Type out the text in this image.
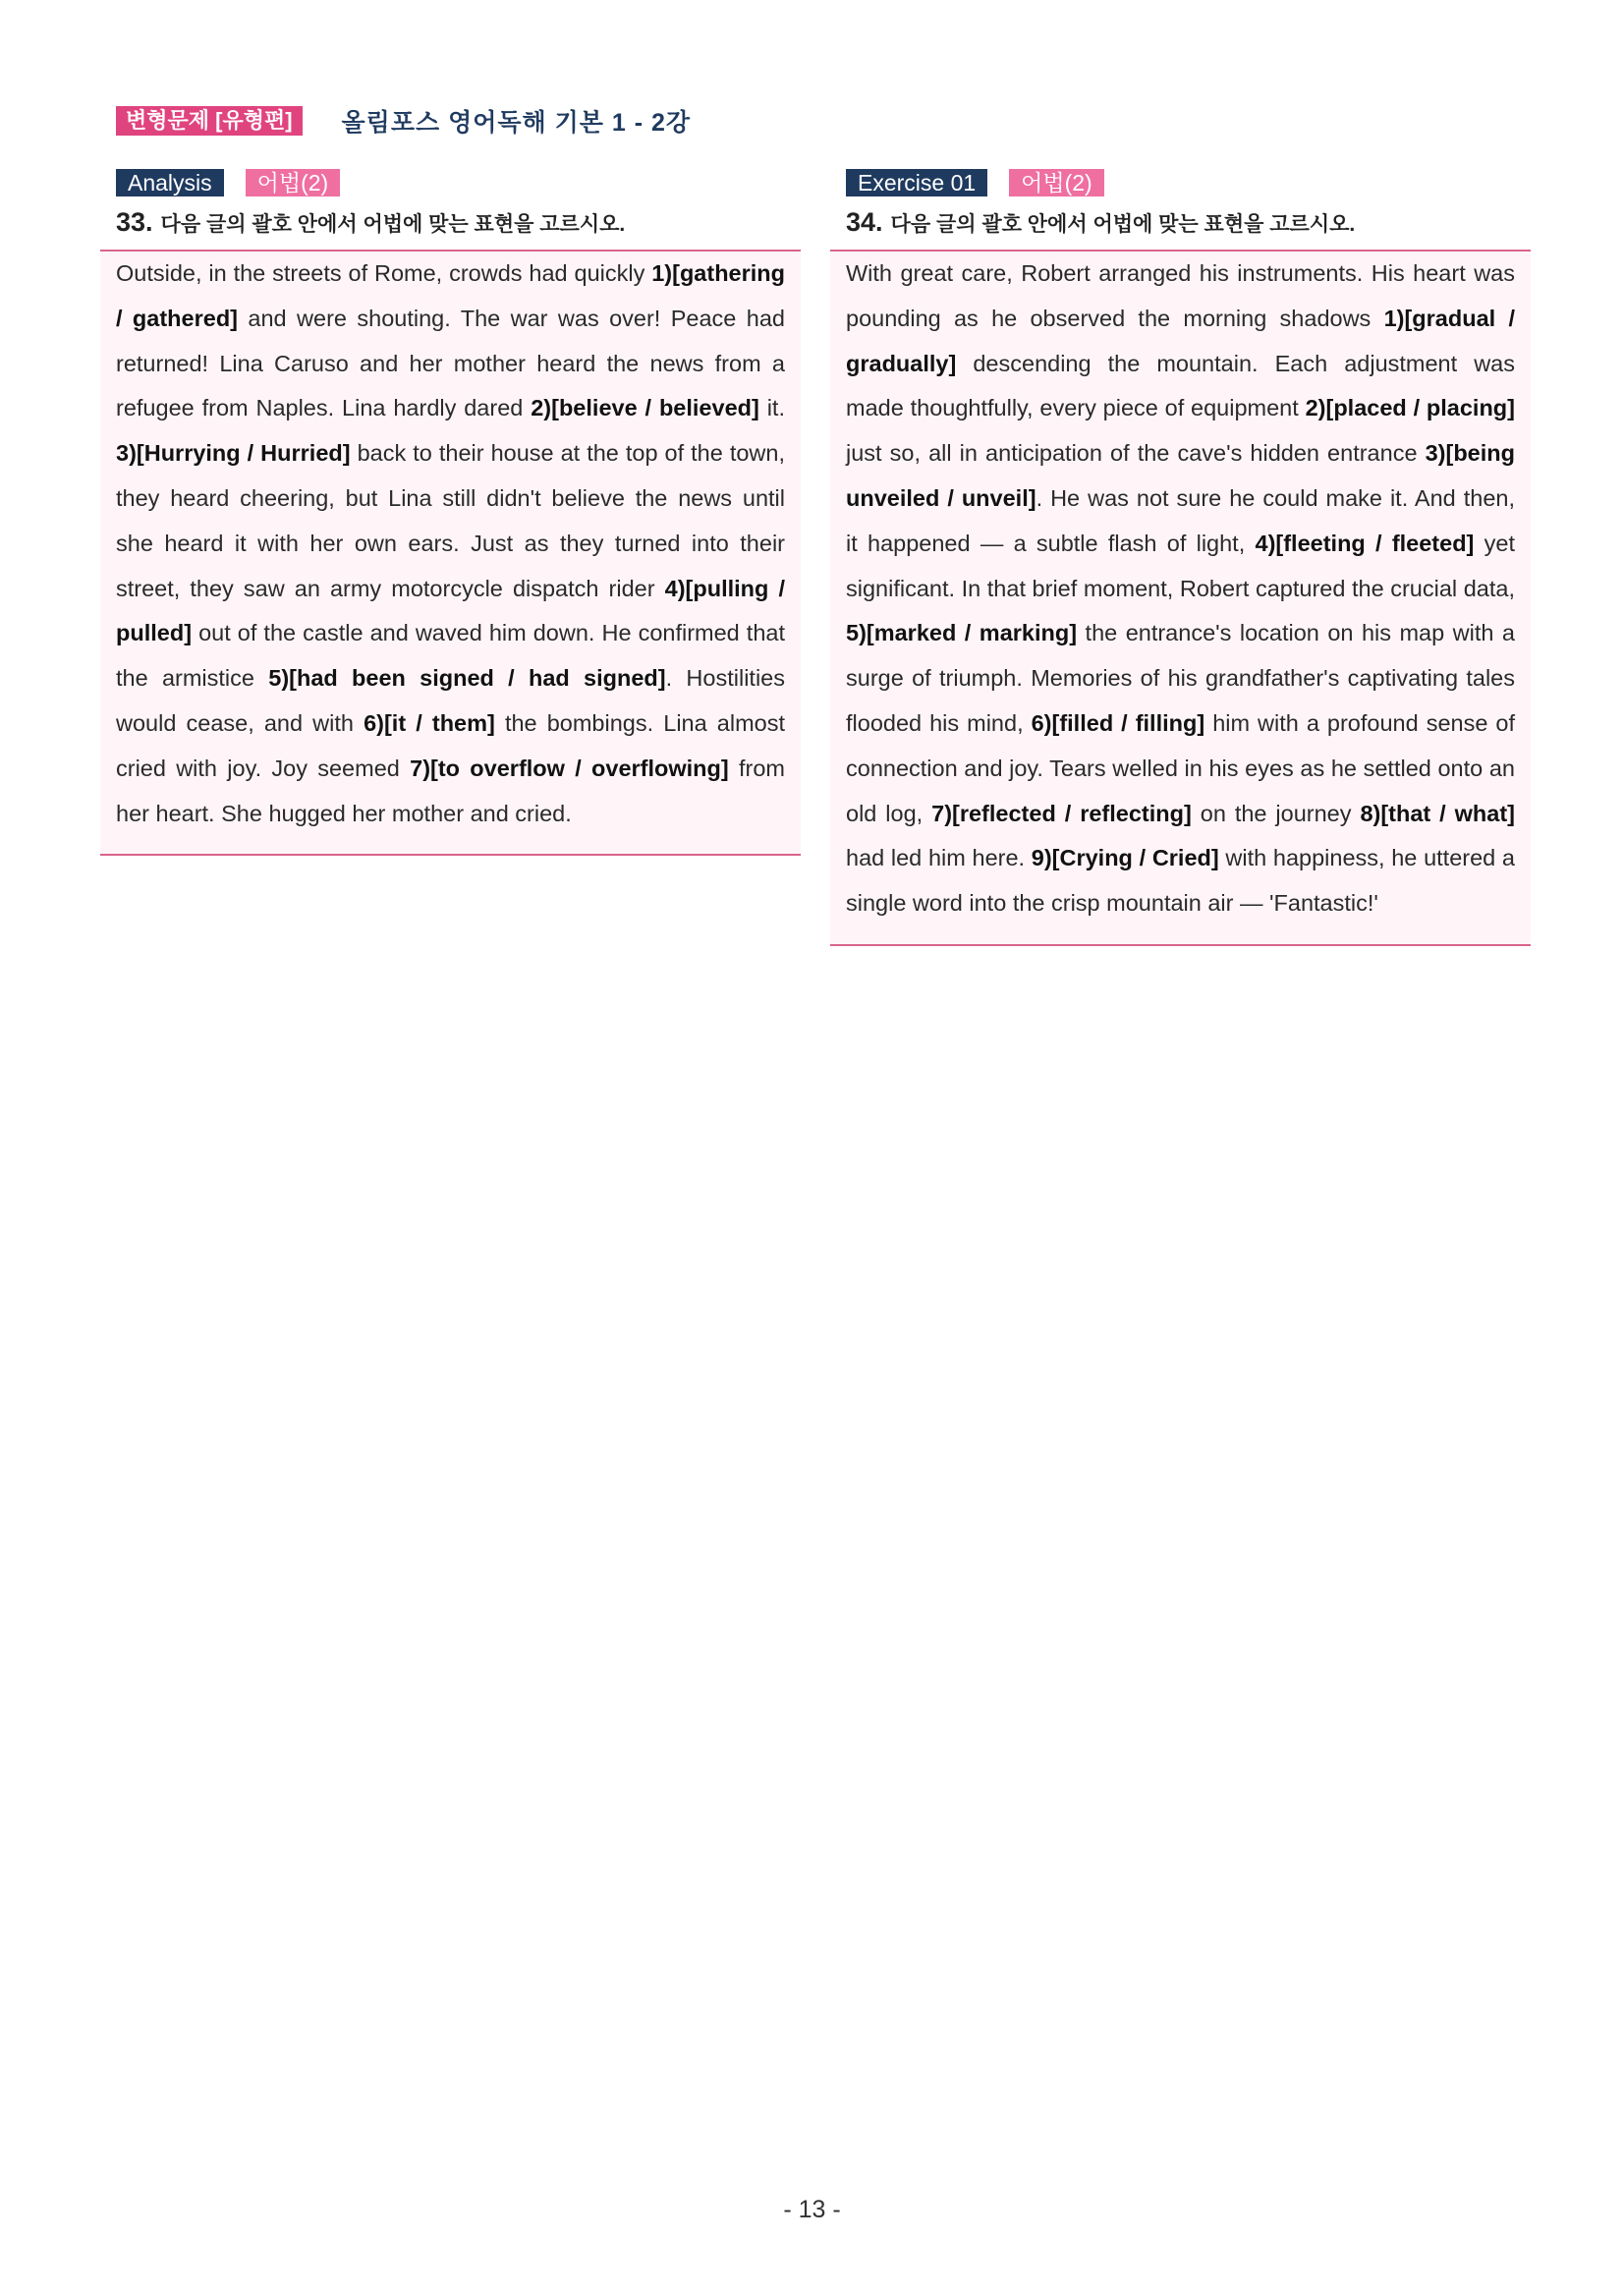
변형문제 [유형편]	올림포스 영어독해 기본 1 - 2강
Analysis	어법(2)
33. 다음 글의 괄호 안에서 어법에 맞는 표현을 고르시오.

Outside, in the streets of Rome, crowds had quickly 1)[gathering / gathered] and were shouting. The war was over! Peace had returned! Lina Caruso and her mother heard the news from a refugee from Naples. Lina hardly dared 2)[believe / believed] it. 3)[Hurrying / Hurried] back to their house at the top of the town, they heard cheering, but Lina still didn't believe the news until she heard it with her own ears. Just as they turned into their street, they saw an army motorcycle dispatch rider 4)[pulling / pulled] out of the castle and waved him down. He confirmed that the armistice 5)[had been signed / had signed]. Hostilities would cease, and with 6)[it / them] the bombings. Lina almost cried with joy. Joy seemed 7)[to overflow / overflowing] from her heart. She hugged her mother and cried.

Exercise 01	어법(2)
34. 다음 글의 괄호 안에서 어법에 맞는 표현을 고르시오.

With great care, Robert arranged his instruments. His heart was pounding as he observed the morning shadows 1)[gradual / gradually] descending the mountain. Each adjustment was made thoughtfully, every piece of equipment 2)[placed / placing] just so, all in anticipation of the cave's hidden entrance 3)[being unveiled / unveil]. He was not sure he could make it. And then, it happened — a subtle flash of light, 4)[fleeting / fleeted] yet significant. In that brief moment, Robert captured the crucial data, 5)[marked / marking] the entrance's location on his map with a surge of triumph. Memories of his grandfather's captivating tales flooded his mind, 6)[filled / filling] him with a profound sense of connection and joy. Tears welled in his eyes as he settled onto an old log, 7)[reflected / reflecting] on the journey 8)[that / what] had led him here. 9)[Crying / Cried] with happiness, he uttered a single word into the crisp mountain air — 'Fantastic!'

- 13 -
